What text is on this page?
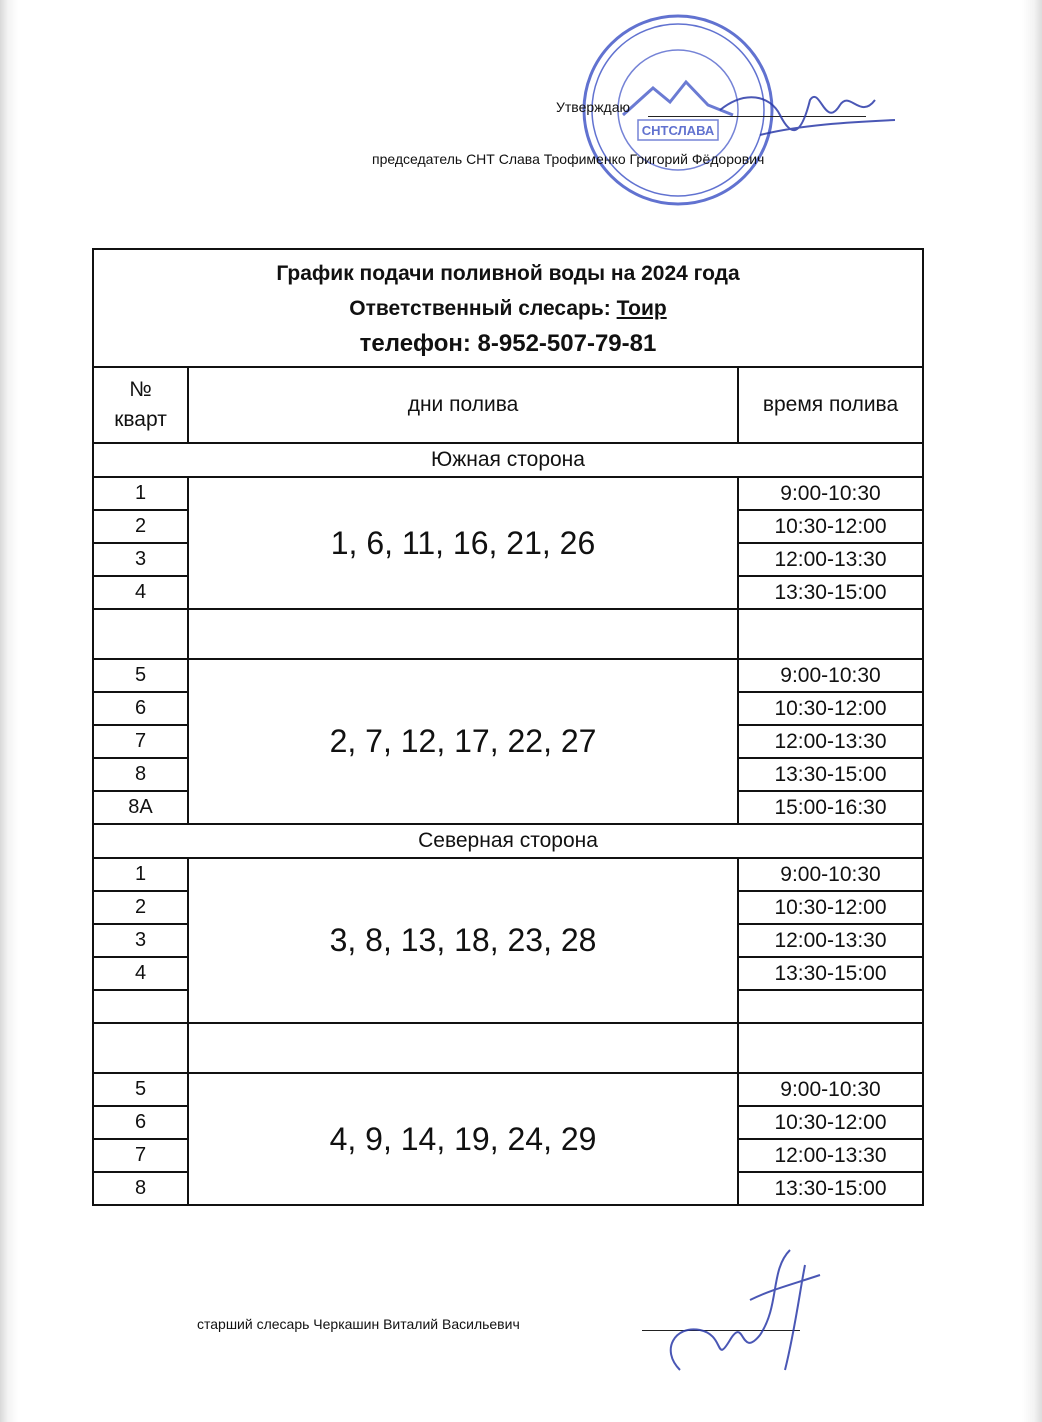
СНТСЛАВА
Утверждаю
председатель СНТ Слава Трофименко Григорий Фёдорович
График подачи поливной воды на 2024 года
Ответственный слесарь: Тоир
телефон: 8-952-507-79-81		

№
кварт	дни полива	время полива
Южная сторона		
1	1, 6, 11, 16, 21, 26	9:00-10:30
2		10:30-12:00
3		12:00-13:30
4		13:30-15:00

5	2, 7, 12, 17, 22, 27	9:00-10:30
6		10:30-12:00
7		12:00-13:30
8		13:30-15:00
8А		15:00-16:30
Северная сторона		
1	3, 8, 13, 18, 23, 28	9:00-10:30
2		10:30-12:00
3		12:00-13:30
4		13:30-15:00

5	4, 9, 14, 19, 24, 29	9:00-10:30
6		10:30-12:00
7		12:00-13:30
8		13:30-15:00
старший слесарь Черкашин Виталий Васильевич
